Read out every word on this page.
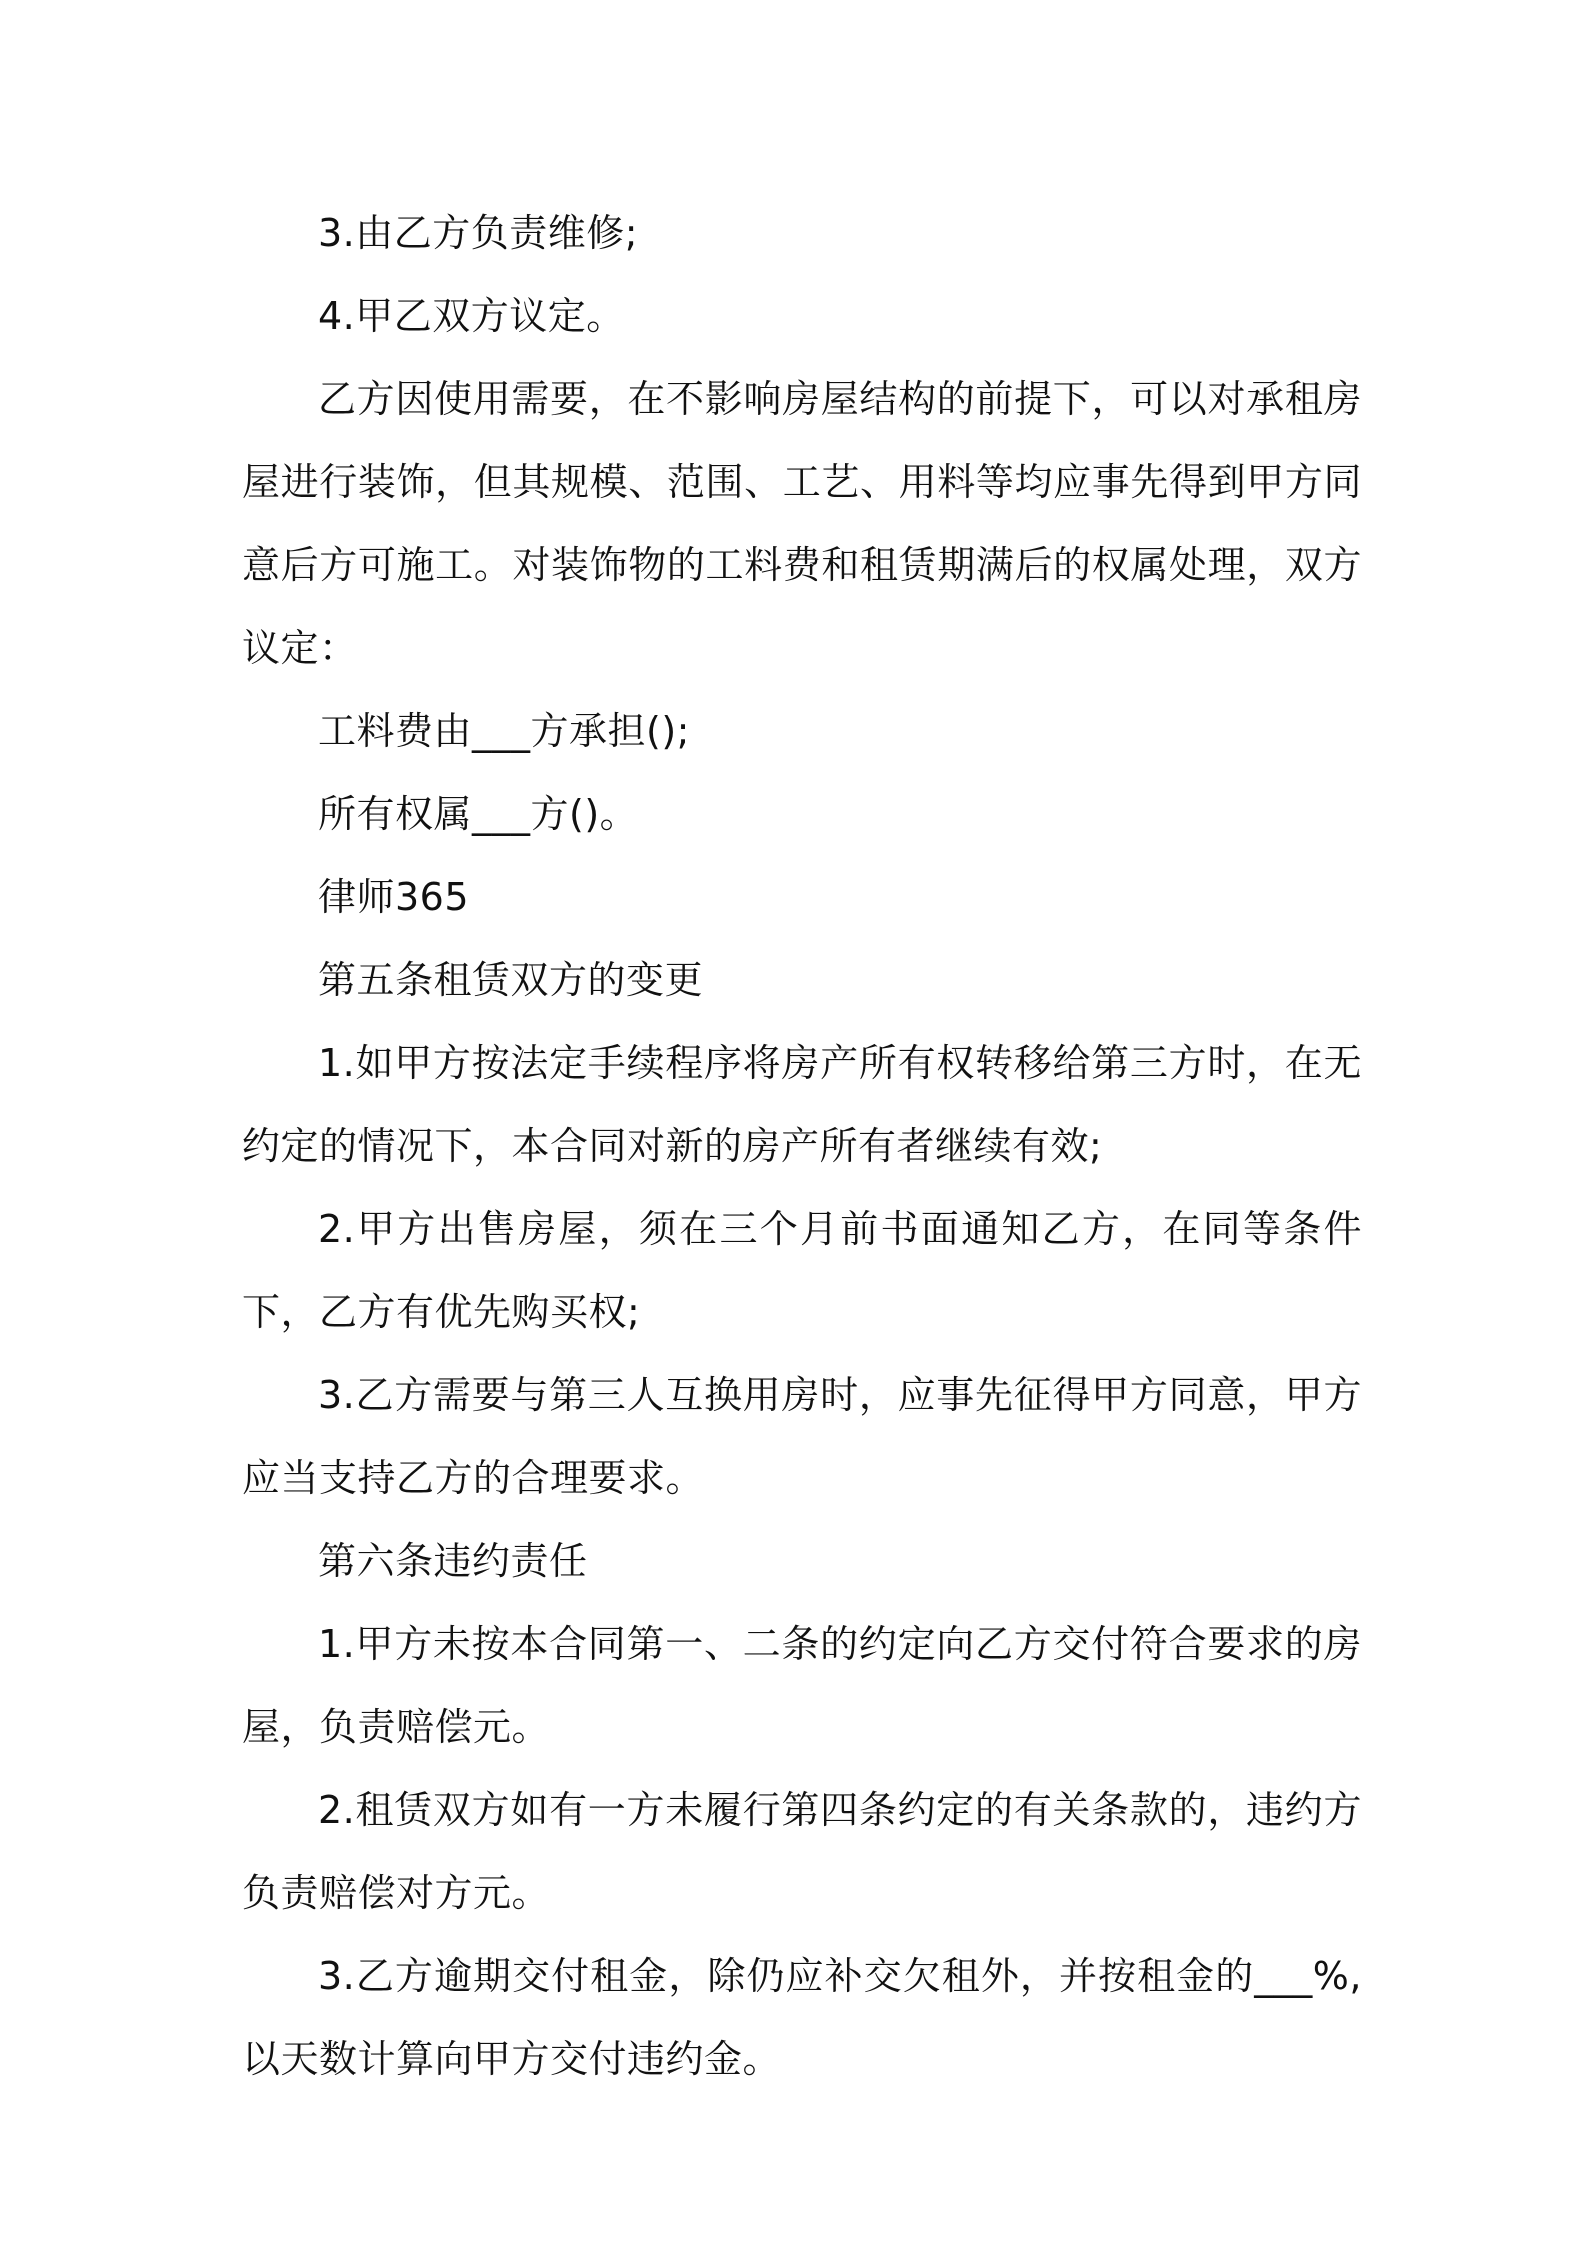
3.由乙方负责维修;

4.甲乙双方议定。

乙方因使用需要，在不影响房屋结构的前提下，可以对承租房屋进行装饰，但其规模、范围、工艺、用料等均应事先得到甲方同意后方可施工。对装饰物的工料费和租赁期满后的权属处理，双方议定：

工料费由___方承担();

所有权属___方()。

律师365

第五条租赁双方的变更

1.如甲方按法定手续程序将房产所有权转移给第三方时，在无约定的情况下，本合同对新的房产所有者继续有效;

2.甲方出售房屋，须在三个月前书面通知乙方，在同等条件下，乙方有优先购买权;

3.乙方需要与第三人互换用房时，应事先征得甲方同意，甲方应当支持乙方的合理要求。

第六条违约责任

1.甲方未按本合同第一、二条的约定向乙方交付符合要求的房屋，负责赔偿元。

2.租赁双方如有一方未履行第四条约定的有关条款的，违约方负责赔偿对方元。

3.乙方逾期交付租金，除仍应补交欠租外，并按租金的___%,以天数计算向甲方交付违约金。
